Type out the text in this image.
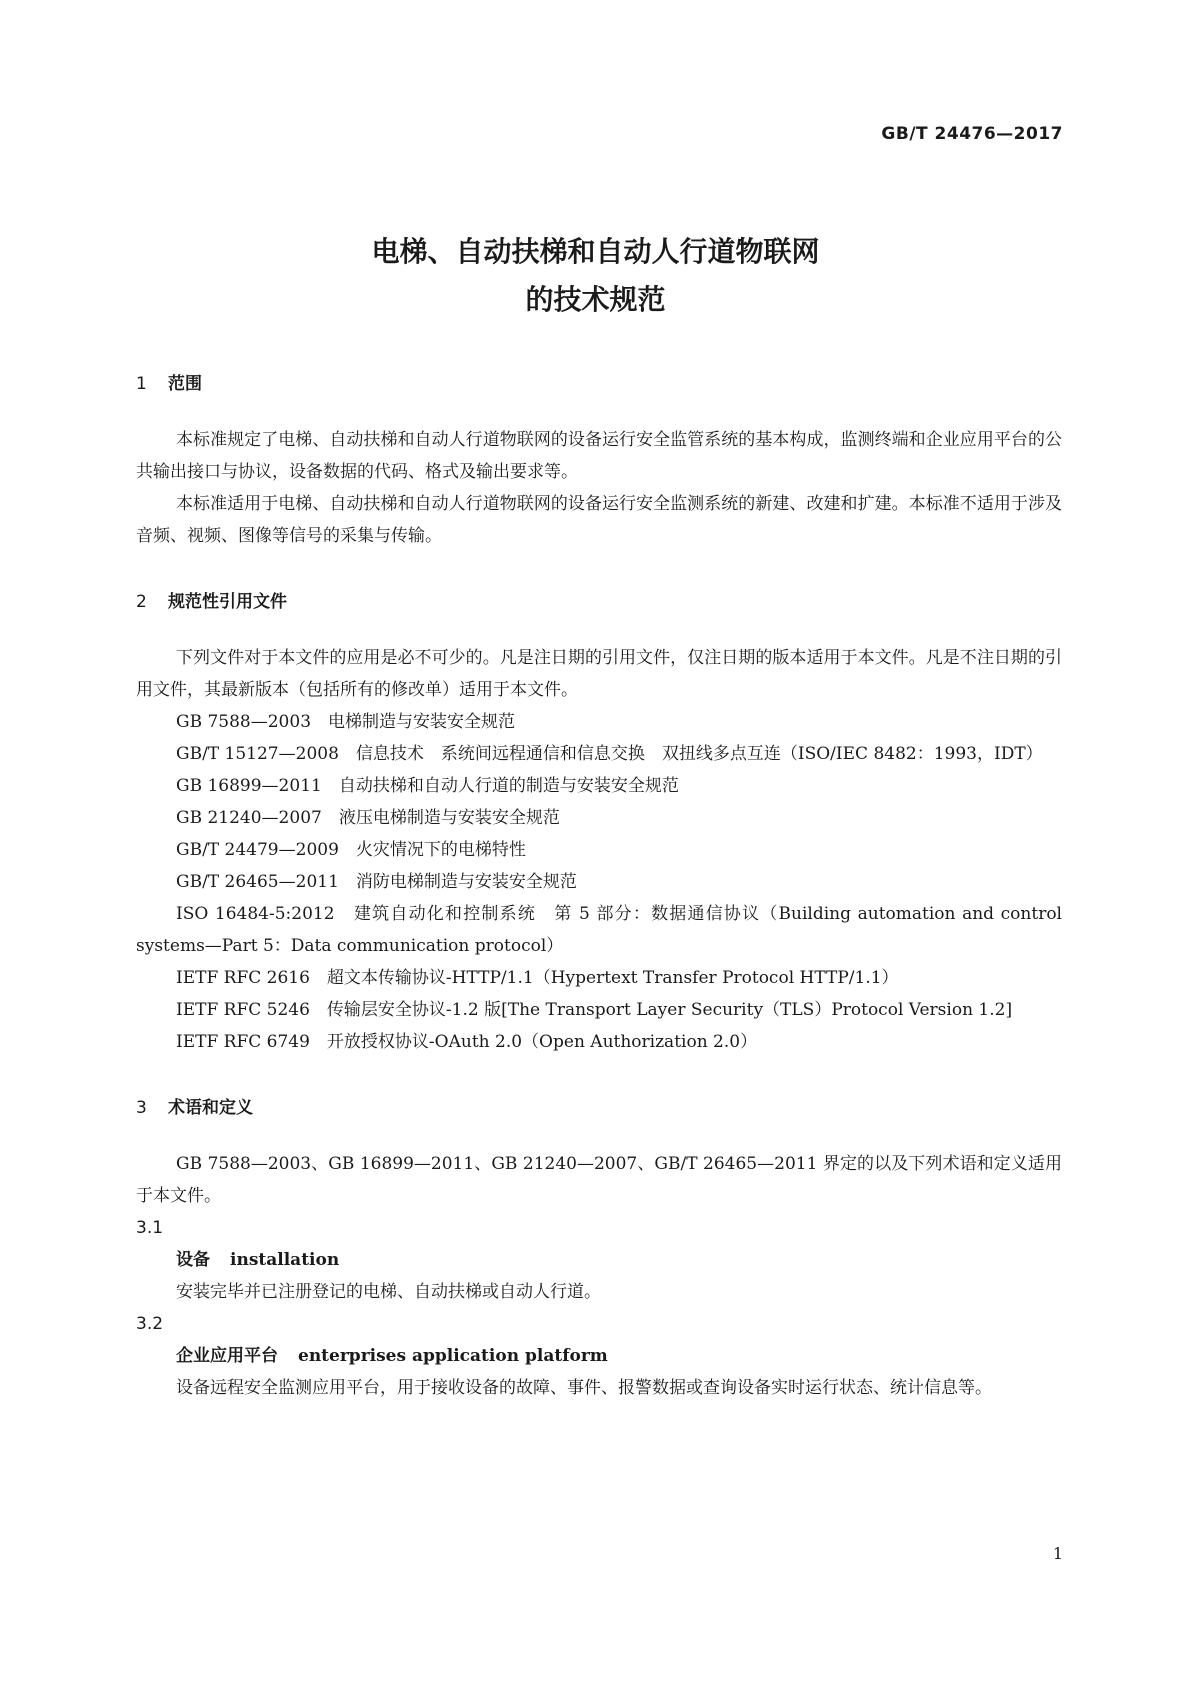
GB/T 24476—2017
电梯、自动扶梯和自动人行道物联网
的技术规范
1 范围

本标准规定了电梯、自动扶梯和自动人行道物联网的设备运行安全监管系统的基本构成，监测终端和企业应用平台的公共输出接口与协议，设备数据的代码、格式及输出要求等。

本标准适用于电梯、自动扶梯和自动人行道物联网的设备运行安全监测系统的新建、改建和扩建。本标准不适用于涉及音频、视频、图像等信号的采集与传输。

2 规范性引用文件

下列文件对于本文件的应用是必不可少的。凡是注日期的引用文件，仅注日期的版本适用于本文件。凡是不注日期的引用文件，其最新版本（包括所有的修改单）适用于本文件。

GB 7588—2003　电梯制造与安装安全规范

GB/T 15127—2008　信息技术　系统间远程通信和信息交换　双扭线多点互连（ISO/IEC 8482：1993，IDT）

GB 16899—2011　自动扶梯和自动人行道的制造与安装安全规范

GB 21240—2007　液压电梯制造与安装安全规范

GB/T 24479—2009　火灾情况下的电梯特性

GB/T 26465—2011　消防电梯制造与安装安全规范

ISO 16484-5:2012　建筑自动化和控制系统　第 5 部分：数据通信协议（Building automation and control systems—Part 5：Data communication protocol）

IETF RFC 2616　超文本传输协议-HTTP/1.1（Hypertext Transfer Protocol HTTP/1.1）

IETF RFC 5246　传输层安全协议-1.2 版[The Transport Layer Security（TLS）Protocol Version 1.2]

IETF RFC 6749　开放授权协议-OAuth 2.0（Open Authorization 2.0）

3 术语和定义

GB 7588—2003、GB 16899—2011、GB 21240—2007、GB/T 26465—2011 界定的以及下列术语和定义适用于本文件。

3.1
设备 installation

安装完毕并已注册登记的电梯、自动扶梯或自动人行道。

3.2
企业应用平台 enterprises application platform

设备远程安全监测应用平台，用于接收设备的故障、事件、报警数据或查询设备实时运行状态、统计信息等。

1
